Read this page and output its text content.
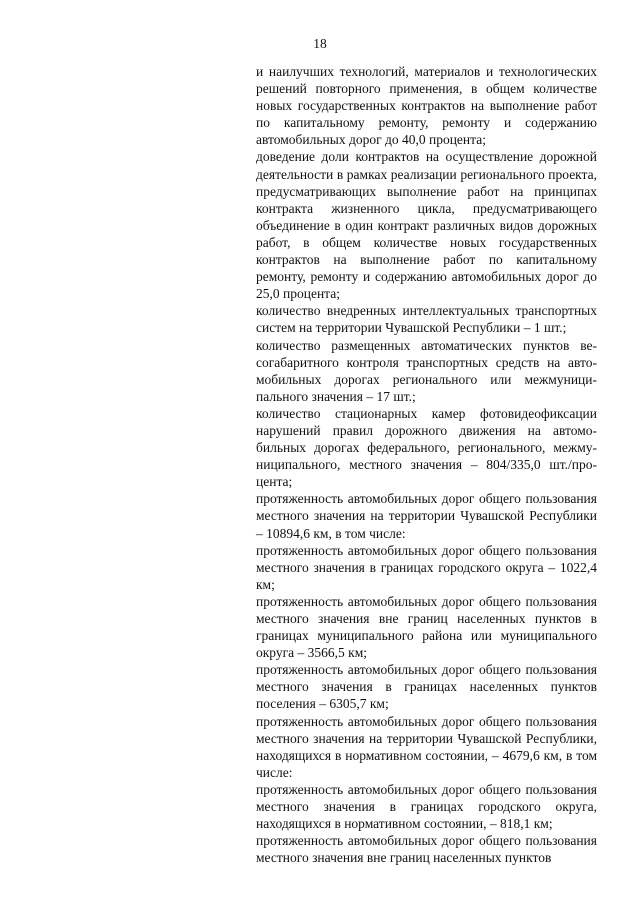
18

и наилучших технологий, материалов и технологических решений повторного применения, в общем количестве новых государственных контрактов на выполнение работ по капитальному ремонту, ремонту и содержанию автомобильных дорог до 40,0 процента;

доведение доли контрактов на осуществление дорожной деятельности в рамках реализации регионального проекта, предусматривающих выполнение работ на принципах контракта жизненного цикла, предусматривающего объединение в один контракт различных видов дорожных работ, в общем количестве новых государственных контрактов на выполнение работ по капитальному ремонту, ремонту и содержанию автомобильных дорог до 25,0 процента;

количество внедренных интеллектуальных транспортных систем на территории Чувашской Республики – 1 шт.;

количество размещенных автоматических пунктов весогабаритного контроля транспортных средств на автомобильных дорогах регионального или межмуниципального значения – 17 шт.;

количество стационарных камер фотовидеофиксации нарушений правил дорожного движения на автомобильных дорогах федерального, регионального, межмуниципального, местного значения – 804/335,0 шт./процента;

протяженность автомобильных дорог общего пользования местного значения на территории Чувашской Республики – 10894,6 км, в том числе:

протяженность автомобильных дорог общего пользования местного значения в границах городского округа – 1022,4 км;

протяженность автомобильных дорог общего пользования местного значения вне границ населенных пунктов в границах муниципального района или муниципального округа – 3566,5 км;

протяженность автомобильных дорог общего пользования местного значения в границах населенных пунктов поселения – 6305,7 км;

протяженность автомобильных дорог общего пользования местного значения на территории Чувашской Республики, находящихся в нормативном состоянии, – 4679,6 км, в том числе:

протяженность автомобильных дорог общего пользования местного значения в границах городского округа, находящихся в нормативном состоянии, – 818,1 км;

протяженность автомобильных дорог общего пользования местного значения вне границ населенных пунктов
